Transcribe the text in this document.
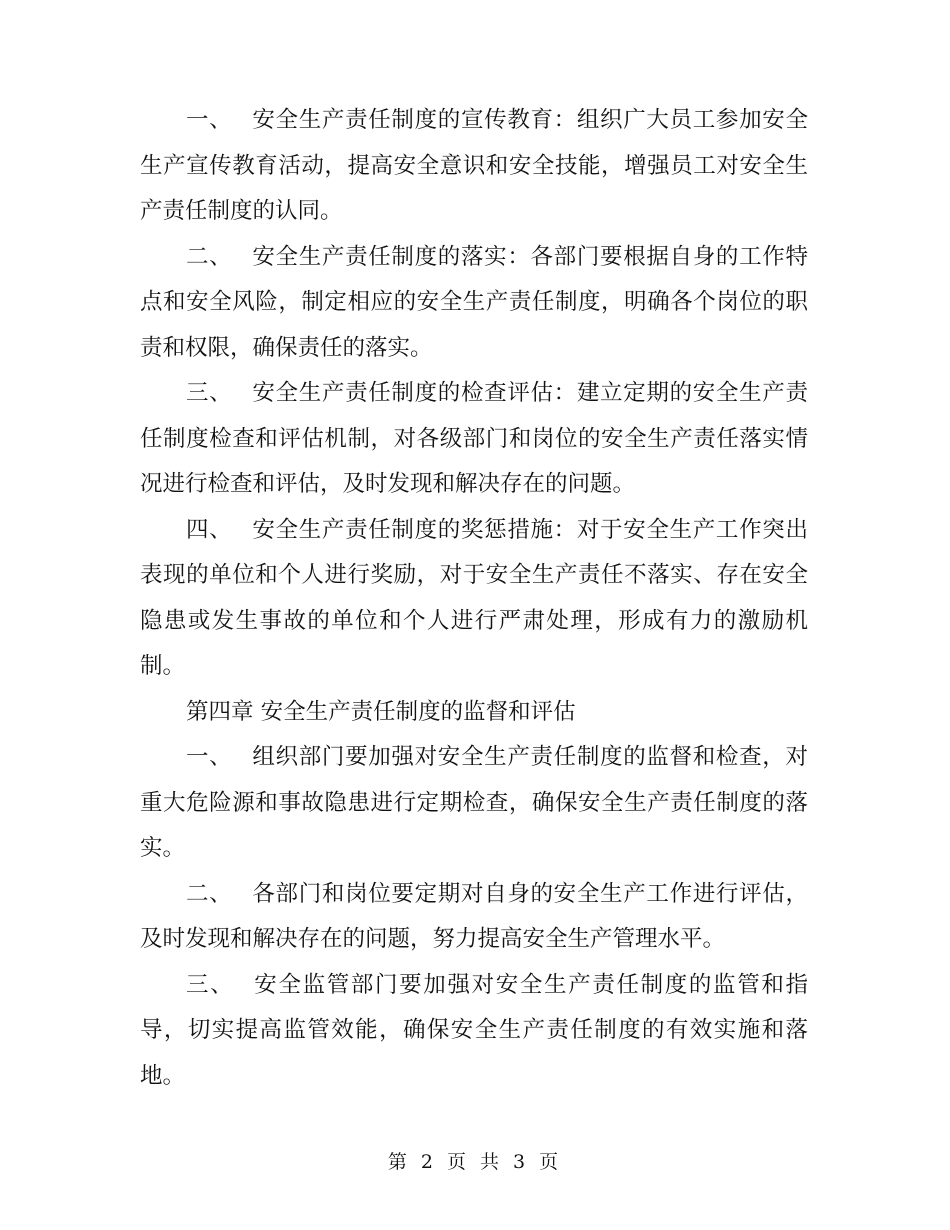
一、 安全生产责任制度的宣传教育：组织广大员工参加安全生产宣传教育活动，提高安全意识和安全技能，增强员工对安全生产责任制度的认同。

二、 安全生产责任制度的落实：各部门要根据自身的工作特点和安全风险，制定相应的安全生产责任制度，明确各个岗位的职责和权限，确保责任的落实。

三、 安全生产责任制度的检查评估：建立定期的安全生产责任制度检查和评估机制，对各级部门和岗位的安全生产责任落实情况进行检查和评估，及时发现和解决存在的问题。

四、 安全生产责任制度的奖惩措施：对于安全生产工作突出表现的单位和个人进行奖励，对于安全生产责任不落实、存在安全隐患或发生事故的单位和个人进行严肃处理，形成有力的激励机制。

第四章 安全生产责任制度的监督和评估

一、 组织部门要加强对安全生产责任制度的监督和检查，对重大危险源和事故隐患进行定期检查，确保安全生产责任制度的落实。

二、 各部门和岗位要定期对自身的安全生产工作进行评估，及时发现和解决存在的问题，努力提高安全生产管理水平。

三、 安全监管部门要加强对安全生产责任制度的监管和指导，切实提高监管效能，确保安全生产责任制度的有效实施和落地。

第 2 页 共 3 页
